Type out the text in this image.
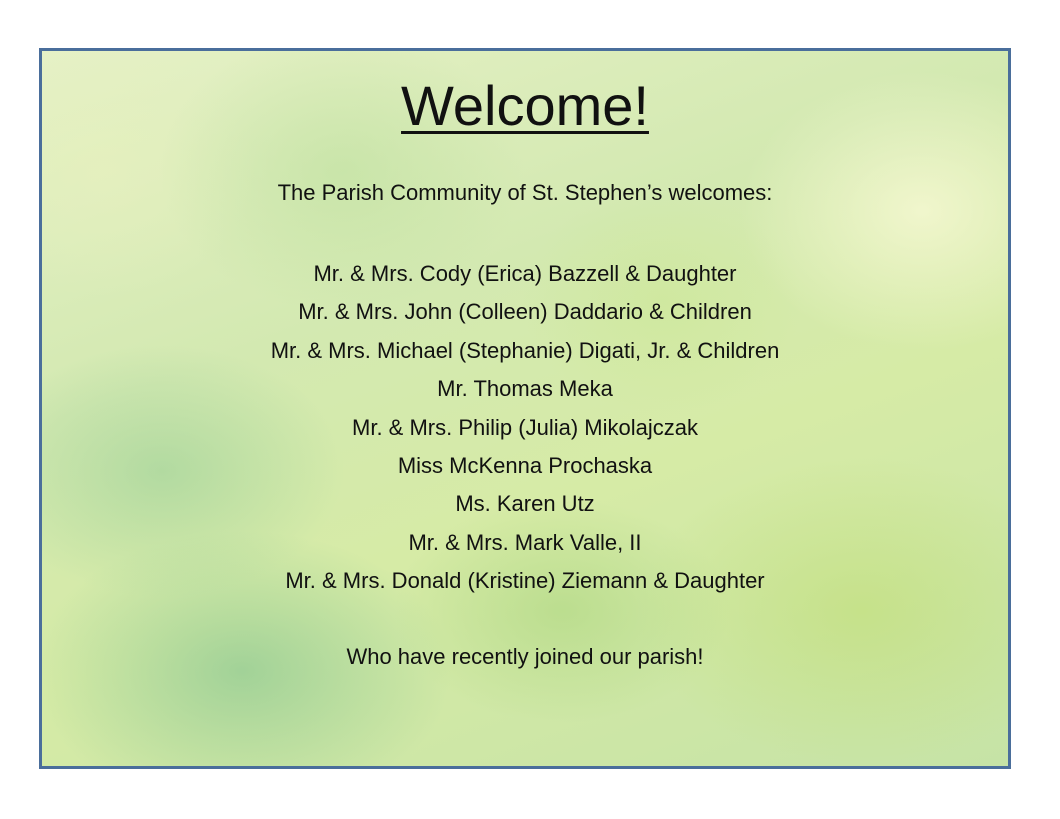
Welcome!

The Parish Community of St. Stephen’s welcomes:

Mr. & Mrs. Cody (Erica) Bazzell & Daughter
Mr. & Mrs. John (Colleen) Daddario & Children
Mr. & Mrs. Michael (Stephanie) Digati, Jr. & Children
Mr. Thomas Meka
Mr. & Mrs. Philip (Julia) Mikolajczak
Miss McKenna Prochaska
Ms. Karen Utz
Mr. & Mrs. Mark Valle, II
Mr. & Mrs. Donald (Kristine) Ziemann & Daughter

Who have recently joined our parish!
